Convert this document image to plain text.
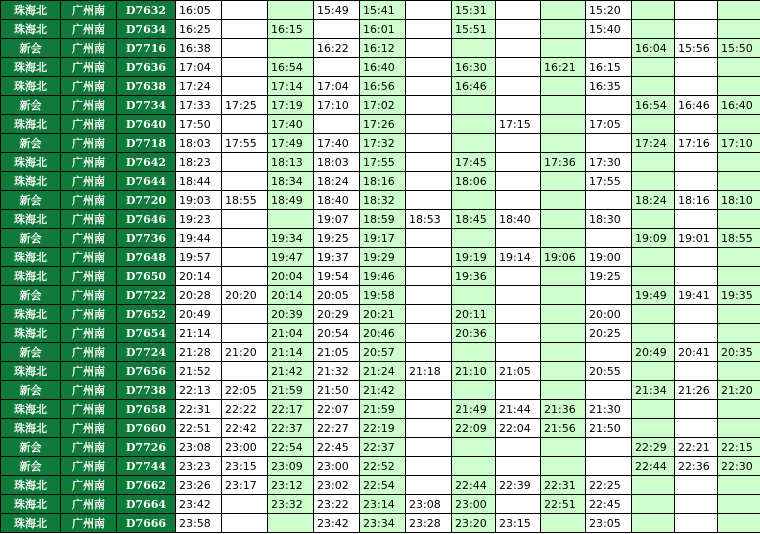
珠海北	广州南	D7632	16:05			15:49	15:41		15:31			15:20			
珠海北	广州南	D7634	16:25		16:15		16:01		15:51			15:40			
新会	广州南	D7716	16:38			16:22	16:12						16:04	15:56	15:50
珠海北	广州南	D7636	17:04		16:54		16:40		16:30		16:21	16:15			
珠海北	广州南	D7638	17:24		17:14	17:04	16:56		16:46			16:35			
新会	广州南	D7734	17:33	17:25	17:19	17:10	17:02						16:54	16:46	16:40
珠海北	广州南	D7640	17:50		17:40		17:26			17:15		17:05			
新会	广州南	D7718	18:03	17:55	17:49	17:40	17:32						17:24	17:16	17:10
珠海北	广州南	D7642	18:23		18:13	18:03	17:55		17:45		17:36	17:30			
珠海北	广州南	D7644	18:44		18:34	18:24	18:16		18:06			17:55			
新会	广州南	D7720	19:03	18:55	18:49	18:40	18:32						18:24	18:16	18:10
珠海北	广州南	D7646	19:23			19:07	18:59	18:53	18:45	18:40		18:30			
新会	广州南	D7736	19:44		19:34	19:25	19:17						19:09	19:01	18:55
珠海北	广州南	D7648	19:57		19:47	19:37	19:29		19:19	19:14	19:06	19:00			
珠海北	广州南	D7650	20:14		20:04	19:54	19:46		19:36			19:25			
新会	广州南	D7722	20:28	20:20	20:14	20:05	19:58						19:49	19:41	19:35
珠海北	广州南	D7652	20:49		20:39	20:29	20:21		20:11			20:00			
珠海北	广州南	D7654	21:14		21:04	20:54	20:46		20:36			20:25			
新会	广州南	D7724	21:28	21:20	21:14	21:05	20:57						20:49	20:41	20:35
珠海北	广州南	D7656	21:52		21:42	21:32	21:24	21:18	21:10	21:05		20:55			
新会	广州南	D7738	22:13	22:05	21:59	21:50	21:42						21:34	21:26	21:20
珠海北	广州南	D7658	22:31	22:22	22:17	22:07	21:59		21:49	21:44	21:36	21:30			
珠海北	广州南	D7660	22:51	22:42	22:37	22:27	22:19		22:09	22:04	21:56	21:50			
新会	广州南	D7726	23:08	23:00	22:54	22:45	22:37						22:29	22:21	22:15
新会	广州南	D7744	23:23	23:15	23:09	23:00	22:52						22:44	22:36	22:30
珠海北	广州南	D7662	23:26	23:17	23:12	23:02	22:54		22:44	22:39	22:31	22:25			
珠海北	广州南	D7664	23:42		23:32	23:22	23:14	23:08	23:00		22:51	22:45			
珠海北	广州南	D7666	23:58			23:42	23:34	23:28	23:20	23:15		23:05			
